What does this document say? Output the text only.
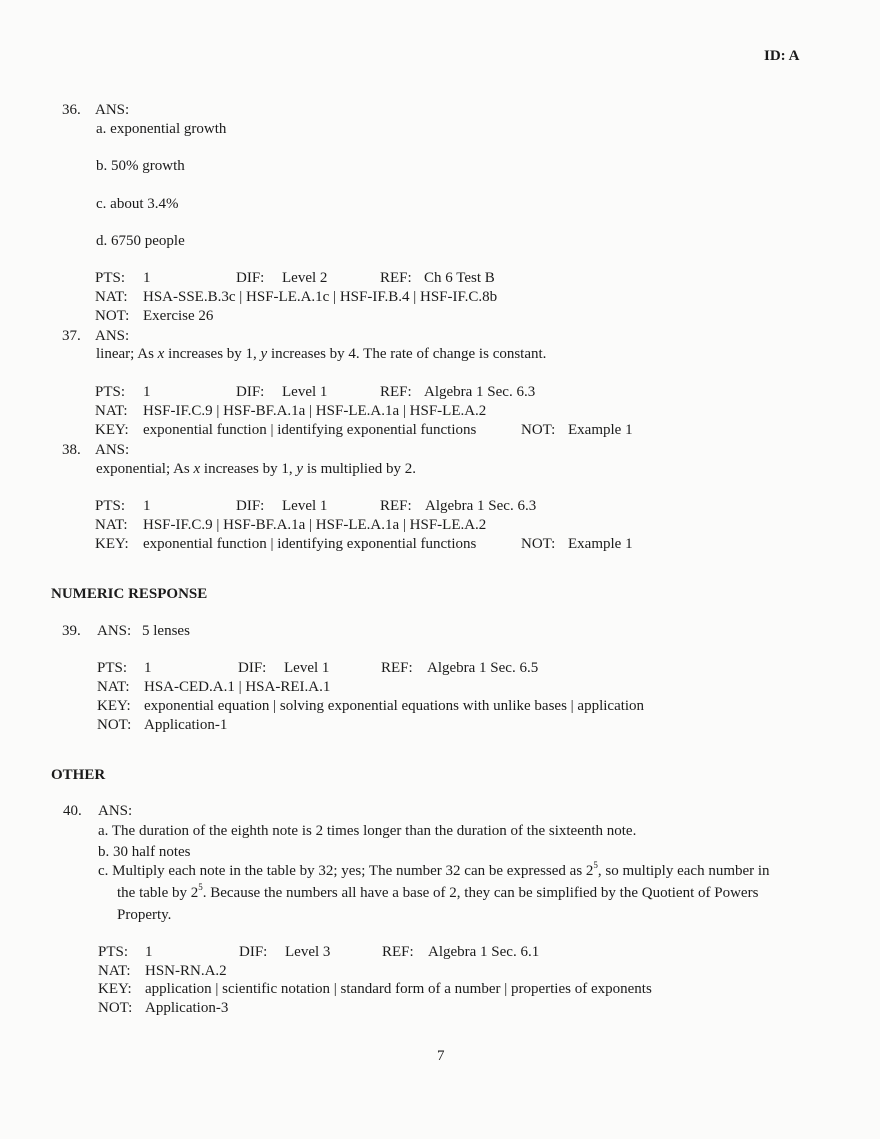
ID: A
36. ANS:
a. exponential growth
b. 50% growth
c. about 3.4%
d. 6750 people
PTS: 1	DIF: Level 2	REF: Ch 6 Test B
NAT: HSA-SSE.B.3c | HSF-LE.A.1c | HSF-IF.B.4 | HSF-IF.C.8b
NOT: Exercise 26
37. ANS:
linear; As x increases by 1, y increases by 4. The rate of change is constant.
PTS: 1	DIF: Level 1	REF: Algebra 1 Sec. 6.3
NAT: HSF-IF.C.9 | HSF-BF.A.1a | HSF-LE.A.1a | HSF-LE.A.2
KEY: exponential function | identifying exponential functions	NOT: Example 1
38. ANS:
exponential; As x increases by 1, y is multiplied by 2.
PTS: 1	DIF: Level 1	REF: Algebra 1 Sec. 6.3
NAT: HSF-IF.C.9 | HSF-BF.A.1a | HSF-LE.A.1a | HSF-LE.A.2
KEY: exponential function | identifying exponential functions	NOT: Example 1
NUMERIC RESPONSE
39. ANS: 5 lenses
PTS: 1	DIF: Level 1	REF: Algebra 1 Sec. 6.5
NAT: HSA-CED.A.1 | HSA-REI.A.1
KEY: exponential equation | solving exponential equations with unlike bases | application
NOT: Application-1
OTHER
40. ANS:
a. The duration of the eighth note is 2 times longer than the duration of the sixteenth note.
b. 30 half notes
c. Multiply each note in the table by 32; yes; The number 32 can be expressed as $2^5$, so multiply each number in
the table by $2^5$. Because the numbers all have a base of 2, they can be simplified by the Quotient of Powers
Property.
PTS: 1	DIF: Level 3	REF: Algebra 1 Sec. 6.1
NAT: HSN-RN.A.2
KEY: application | scientific notation | standard form of a number | properties of exponents
NOT: Application-3
7
